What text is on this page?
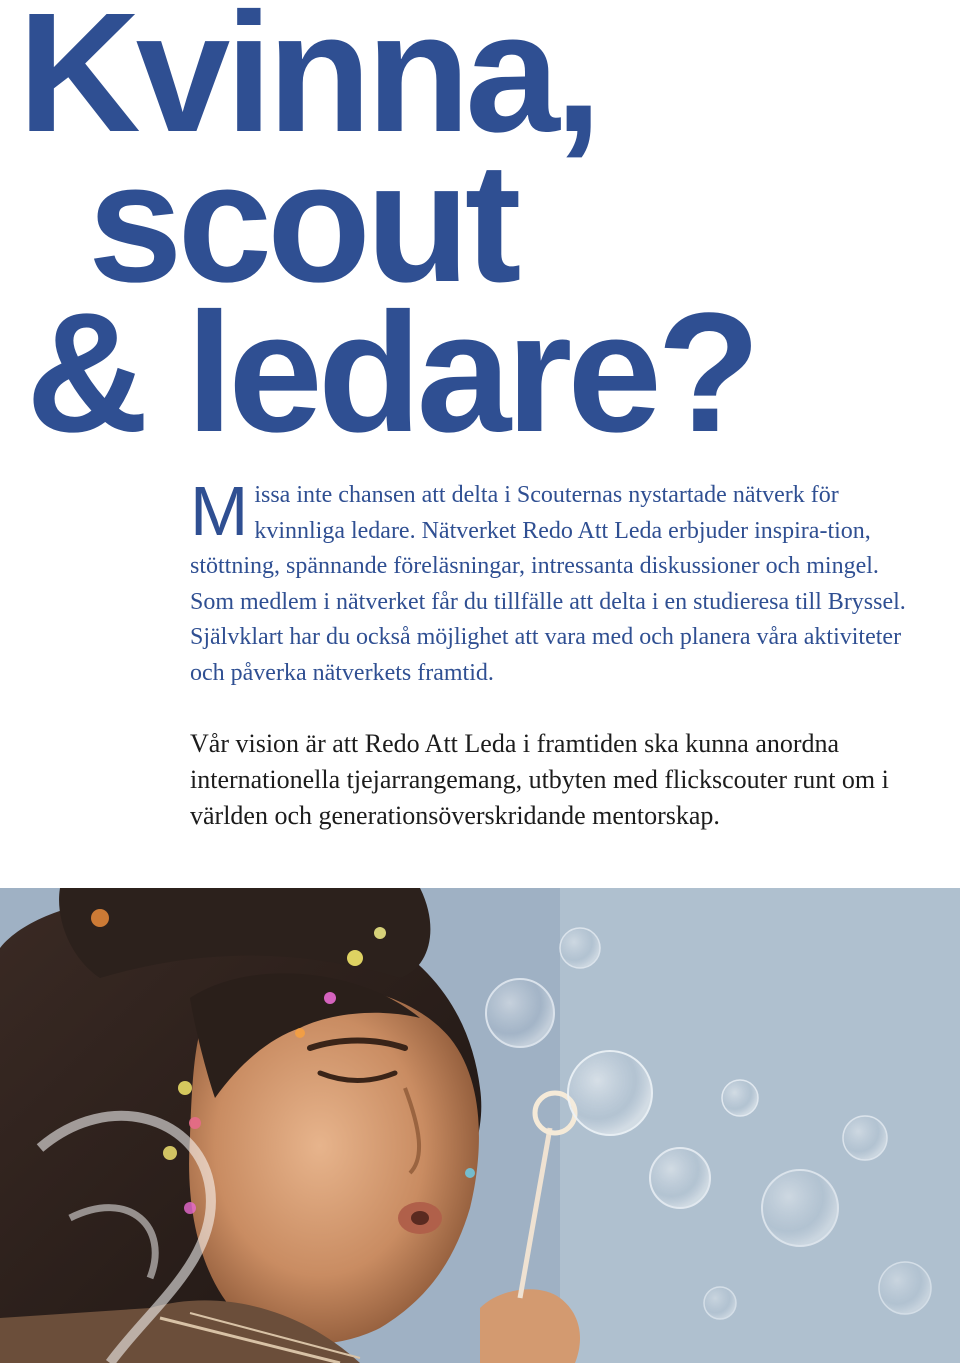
Kvinna,
scout
& ledare?

Missa inte chansen att delta i Scouternas nystartade nätverk för kvinnliga ledare. Nätverket Redo Att Leda erbjuder inspira-tion, stöttning, spännande föreläsningar, intressanta diskussioner och mingel. Som medlem i nätverket får du tillfälle att delta i en studieresa till Bryssel. Självklart har du också möjlighet att vara med och planera våra aktiviteter och påverka nätverkets framtid.

Vår vision är att Redo Att Leda i framtiden ska kunna anordna internationella tjejarrangemang, utbyten med flickscouter runt om i världen och generationsöverskridande mentorskap.
